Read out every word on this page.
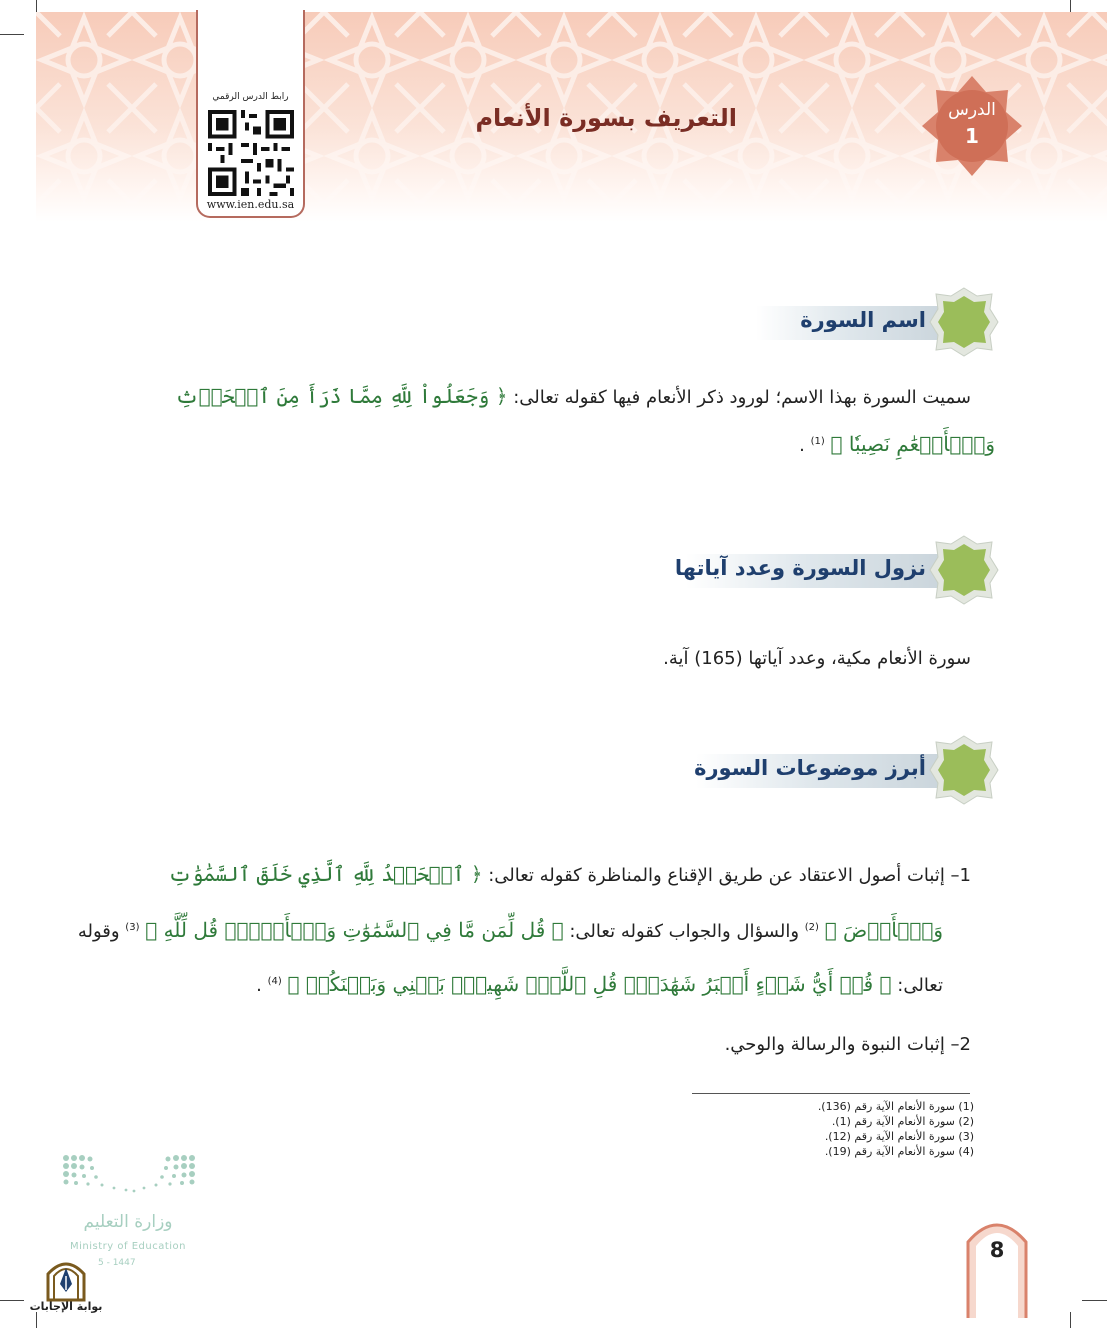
الدرس
1
التعريف بسورة الأنعام
رابط الدرس الرقمي
www.ien.edu.sa
اسم السورة
سميت السورة بهذا الاسم؛ لورود ذكر الأنعام فيها كقوله تعالى: ﴿ وَجَعَلُواْ لِلَّهِ مِمَّا ذَرَأَ مِنَ ٱلۡحَرۡثِ
وَٱلۡأَنۡعَٰمِ نَصِيبٗا ﴾ $^{(1)}$ .
نزول السورة وعدد آياتها
سورة الأنعام مكية، وعدد آياتها (165) آية.
أبرز موضوعات السورة
1– إثبات أصول الاعتقاد عن طريق الإقناع والمناظرة كقوله تعالى: ﴿ ٱلۡحَمۡدُ لِلَّهِ ٱلَّذِي خَلَقَ ٱلسَّمَٰوَٰتِ
وَٱلۡأَرۡضَ ﴾ $^{(2)}$ والسؤال والجواب كقوله تعالى: ﴿ قُل لِّمَن مَّا فِي ٱلسَّمَٰوَٰتِ وَٱلۡأَرۡضِۖ قُل لِّلَّهِ ﴾ $^{(3)}$ وقوله
تعالى: ﴿ قُلۡ أَيُّ شَيۡءٍ أَكۡبَرُ شَهَٰدَةٗۖ قُلِ ٱللَّهُۖ شَهِيدُۢ بَيۡنِي وَبَيۡنَكُمۡ ﴾ $^{(4)}$ .
2– إثبات النبوة والرسالة والوحي.
(1) سورة الأنعام الآية رقم (136).
(2) سورة الأنعام الآية رقم (1).
(3) سورة الأنعام الآية رقم (12).
(4) سورة الأنعام الآية رقم (19).
وزارة التعليم
Ministry of Education
5 - 1447
بوابة الإجابات
8
